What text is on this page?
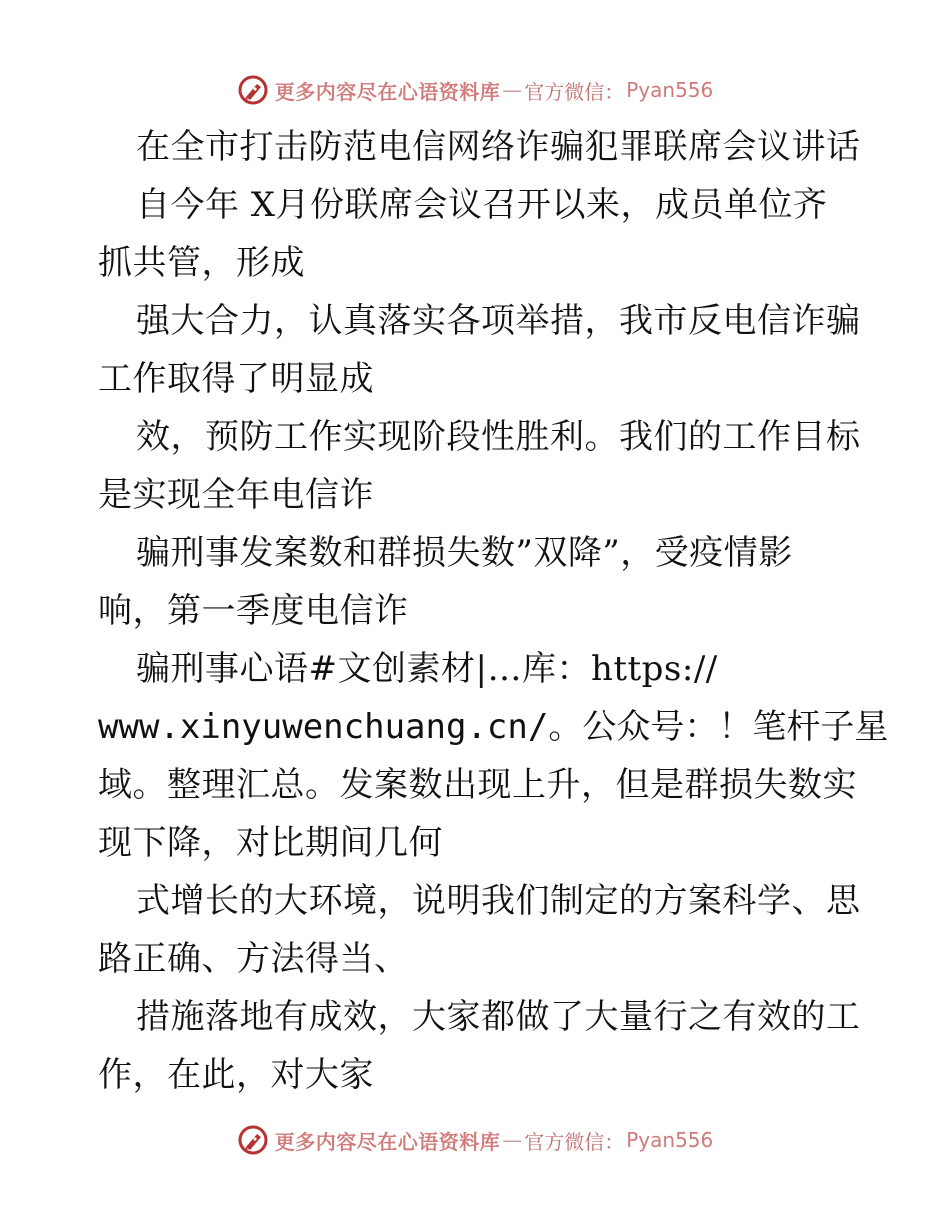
更多内容尽在心语资料库 — 官方微信： Pyan556
在全市打击防范电信网络诈骗犯罪联席会议讲话
自今年 X月份联席会议召开以来，成员单位齐
抓共管，形成
强大合力，认真落实各项举措，我市反电信诈骗
工作取得了明显成
效，预防工作实现阶段性胜利。我们的工作目标
是实现全年电信诈
骗刑事发案数和群损失数”双降”，受疫情影
响，第一季度电信诈
骗刑事心语#文创素材|…库：https://
www.xinyuwenchuang.cn/。公众号：！笔杆子星
域。整理汇总。发案数出现上升，但是群损失数实
现下降，对比期间几何
式增长的大环境，说明我们制定的方案科学、思
路正确、方法得当、
措施落地有成效，大家都做了大量行之有效的工
作，在此，对大家
更多内容尽在心语资料库 — 官方微信： Pyan556
